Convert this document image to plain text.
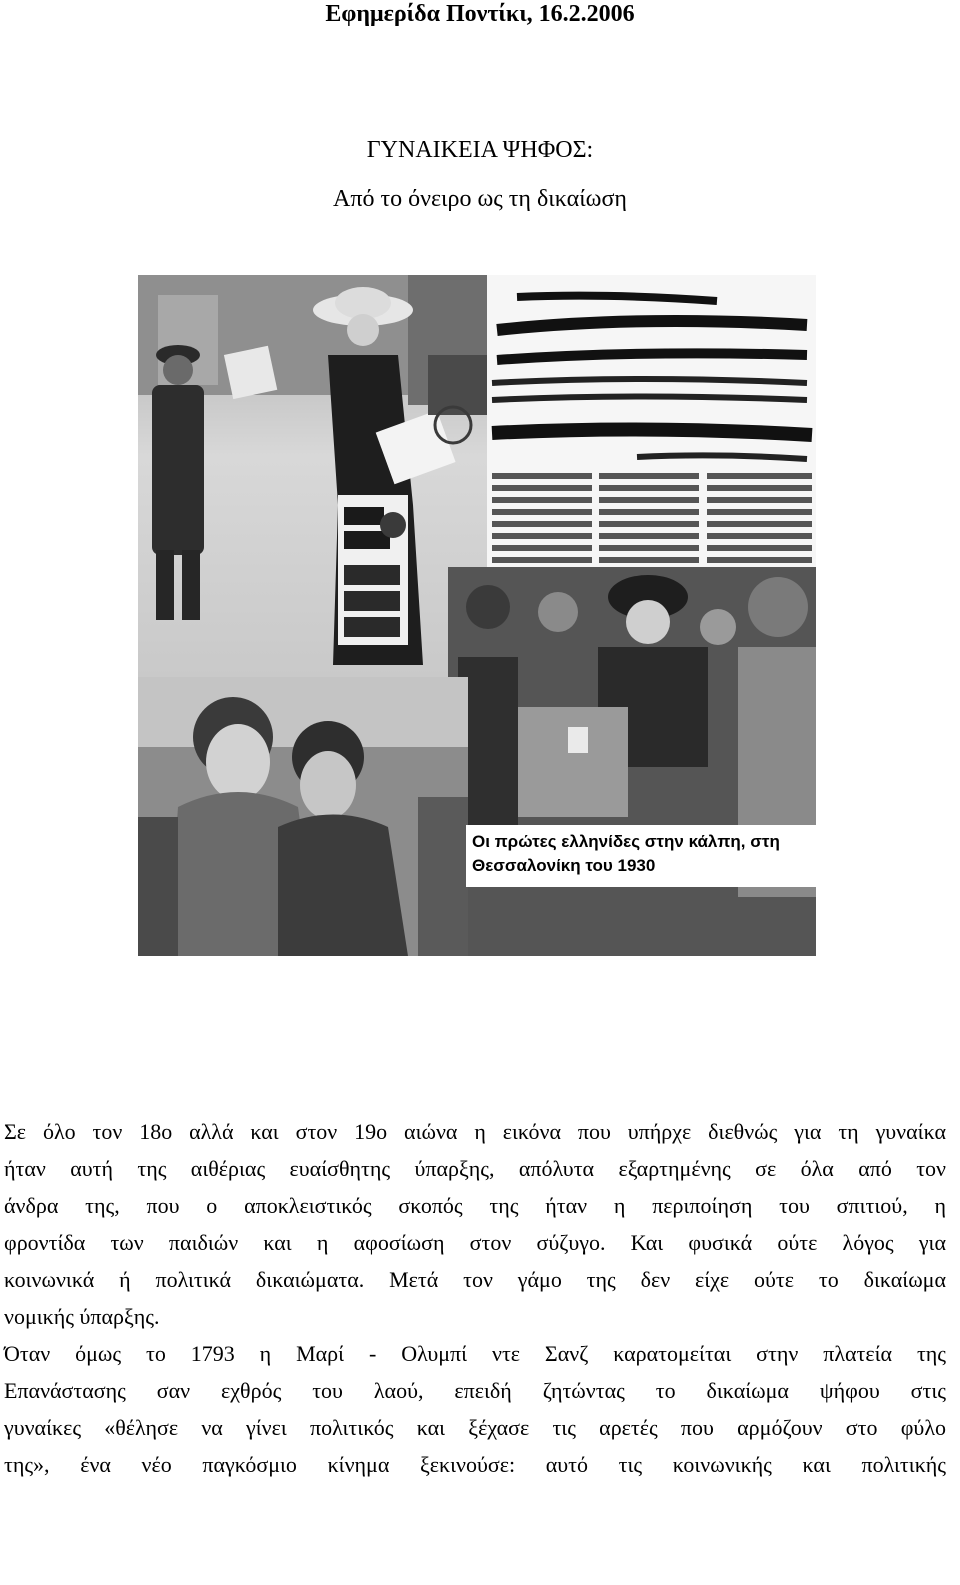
Εφημερίδα Ποντίκι, 16.2.2006
ΓΥΝΑΙΚΕΙΑ ΨΗΦΟΣ:
Από το όνειρο ως τη δικαίωση
Οι πρώτες ελληνίδες στην κάλπη, στη
Θεσσαλονίκη του 1930

Σε όλο τον 18ο αλλά και στον 19ο αιώνα η εικόνα που υπήρχε διεθνώς για τη γυναίκα
ήταν αυτή της αιθέριας ευαίσθητης ύπαρξης, απόλυτα εξαρτημένης σε όλα από τον
άνδρα της, που ο αποκλειστικός σκοπός της ήταν η περιποίηση του σπιτιού, η
φροντίδα των παιδιών και η αφοσίωση στον σύζυγο. Και φυσικά ούτε λόγος για
κοινωνικά ή πολιτικά δικαιώματα. Μετά τον γάμο της δεν είχε ούτε το δικαίωμα
νομικής ύπαρξης.

Όταν όμως το 1793 η Μαρί - Ολυμπί ντε Σανζ καρατομείται στην πλατεία της
Επανάστασης σαν εχθρός του λαού, επειδή ζητώντας το δικαίωμα ψήφου στις
γυναίκες «θέλησε να γίνει πολιτικός και ξέχασε τις αρετές που αρμόζουν στο φύλο
της», ένα νέο παγκόσμιο κίνημα ξεκινούσε: αυτό τις κοινωνικής και πολιτικής
